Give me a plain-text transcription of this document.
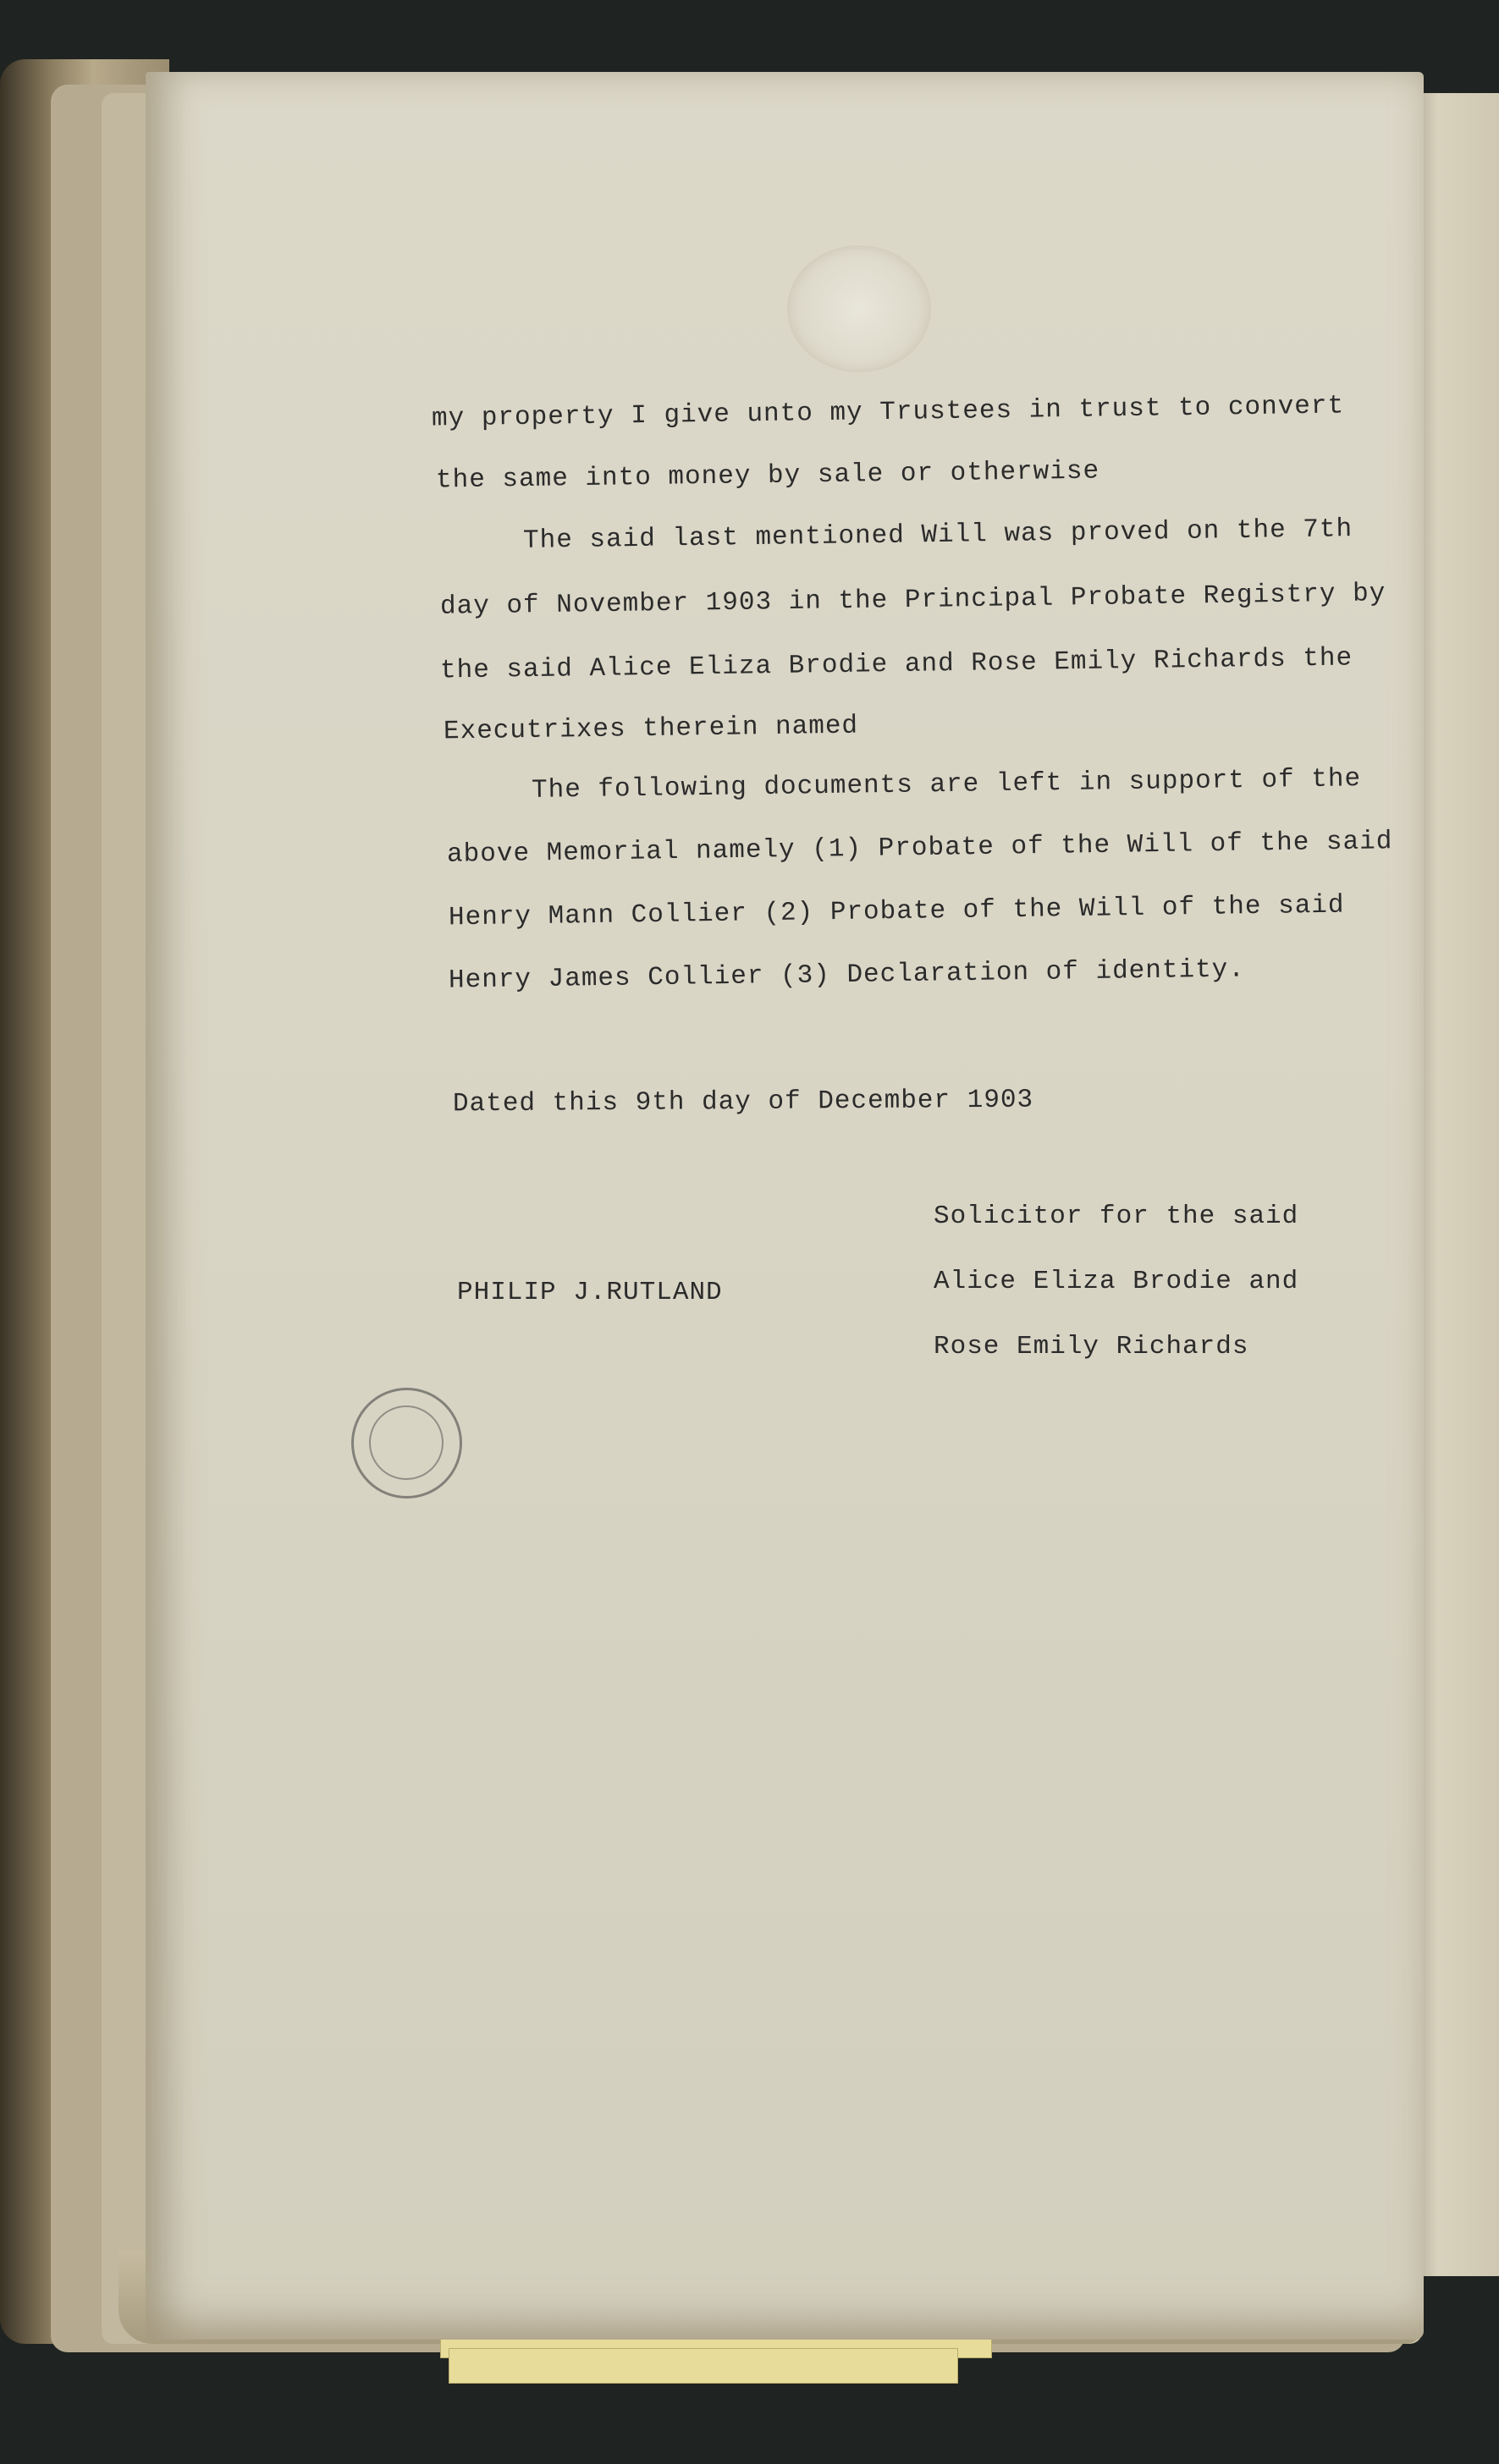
my property I give unto my Trustees in trust to convert
the same into money by sale or otherwise
The said last mentioned Will was proved on the 7th
day of November 1903 in the Principal Probate Registry by
the said Alice Eliza Brodie and Rose Emily Richards the
Executrixes therein named
The following documents are left in support of the
above Memorial namely (1) Probate of the Will of the said
Henry Mann Collier (2) Probate of the Will of the said
Henry James Collier (3) Declaration of identity.
Dated this 9th day of December 1903
Solicitor for the said
Alice Eliza Brodie and
Rose Emily Richards
PHILIP J.RUTLAND
